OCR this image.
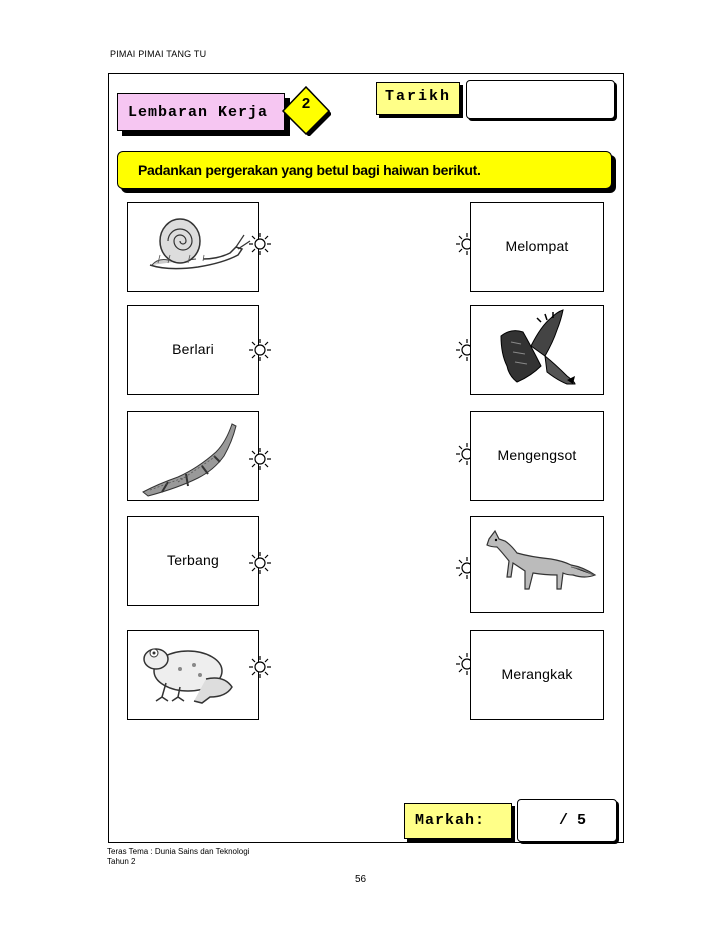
PIMAI PIMAI TANG TU
Lembaran Kerja	2	Tarikh
Padankan pergerakan yang betul bagi haiwan berikut.
Berlari
Terbang
Melompat
Mengengsot
Merangkak
Markah:	/ 5
Teras Tema : Dunia Sains dan Teknologi
Tahun 2
56
